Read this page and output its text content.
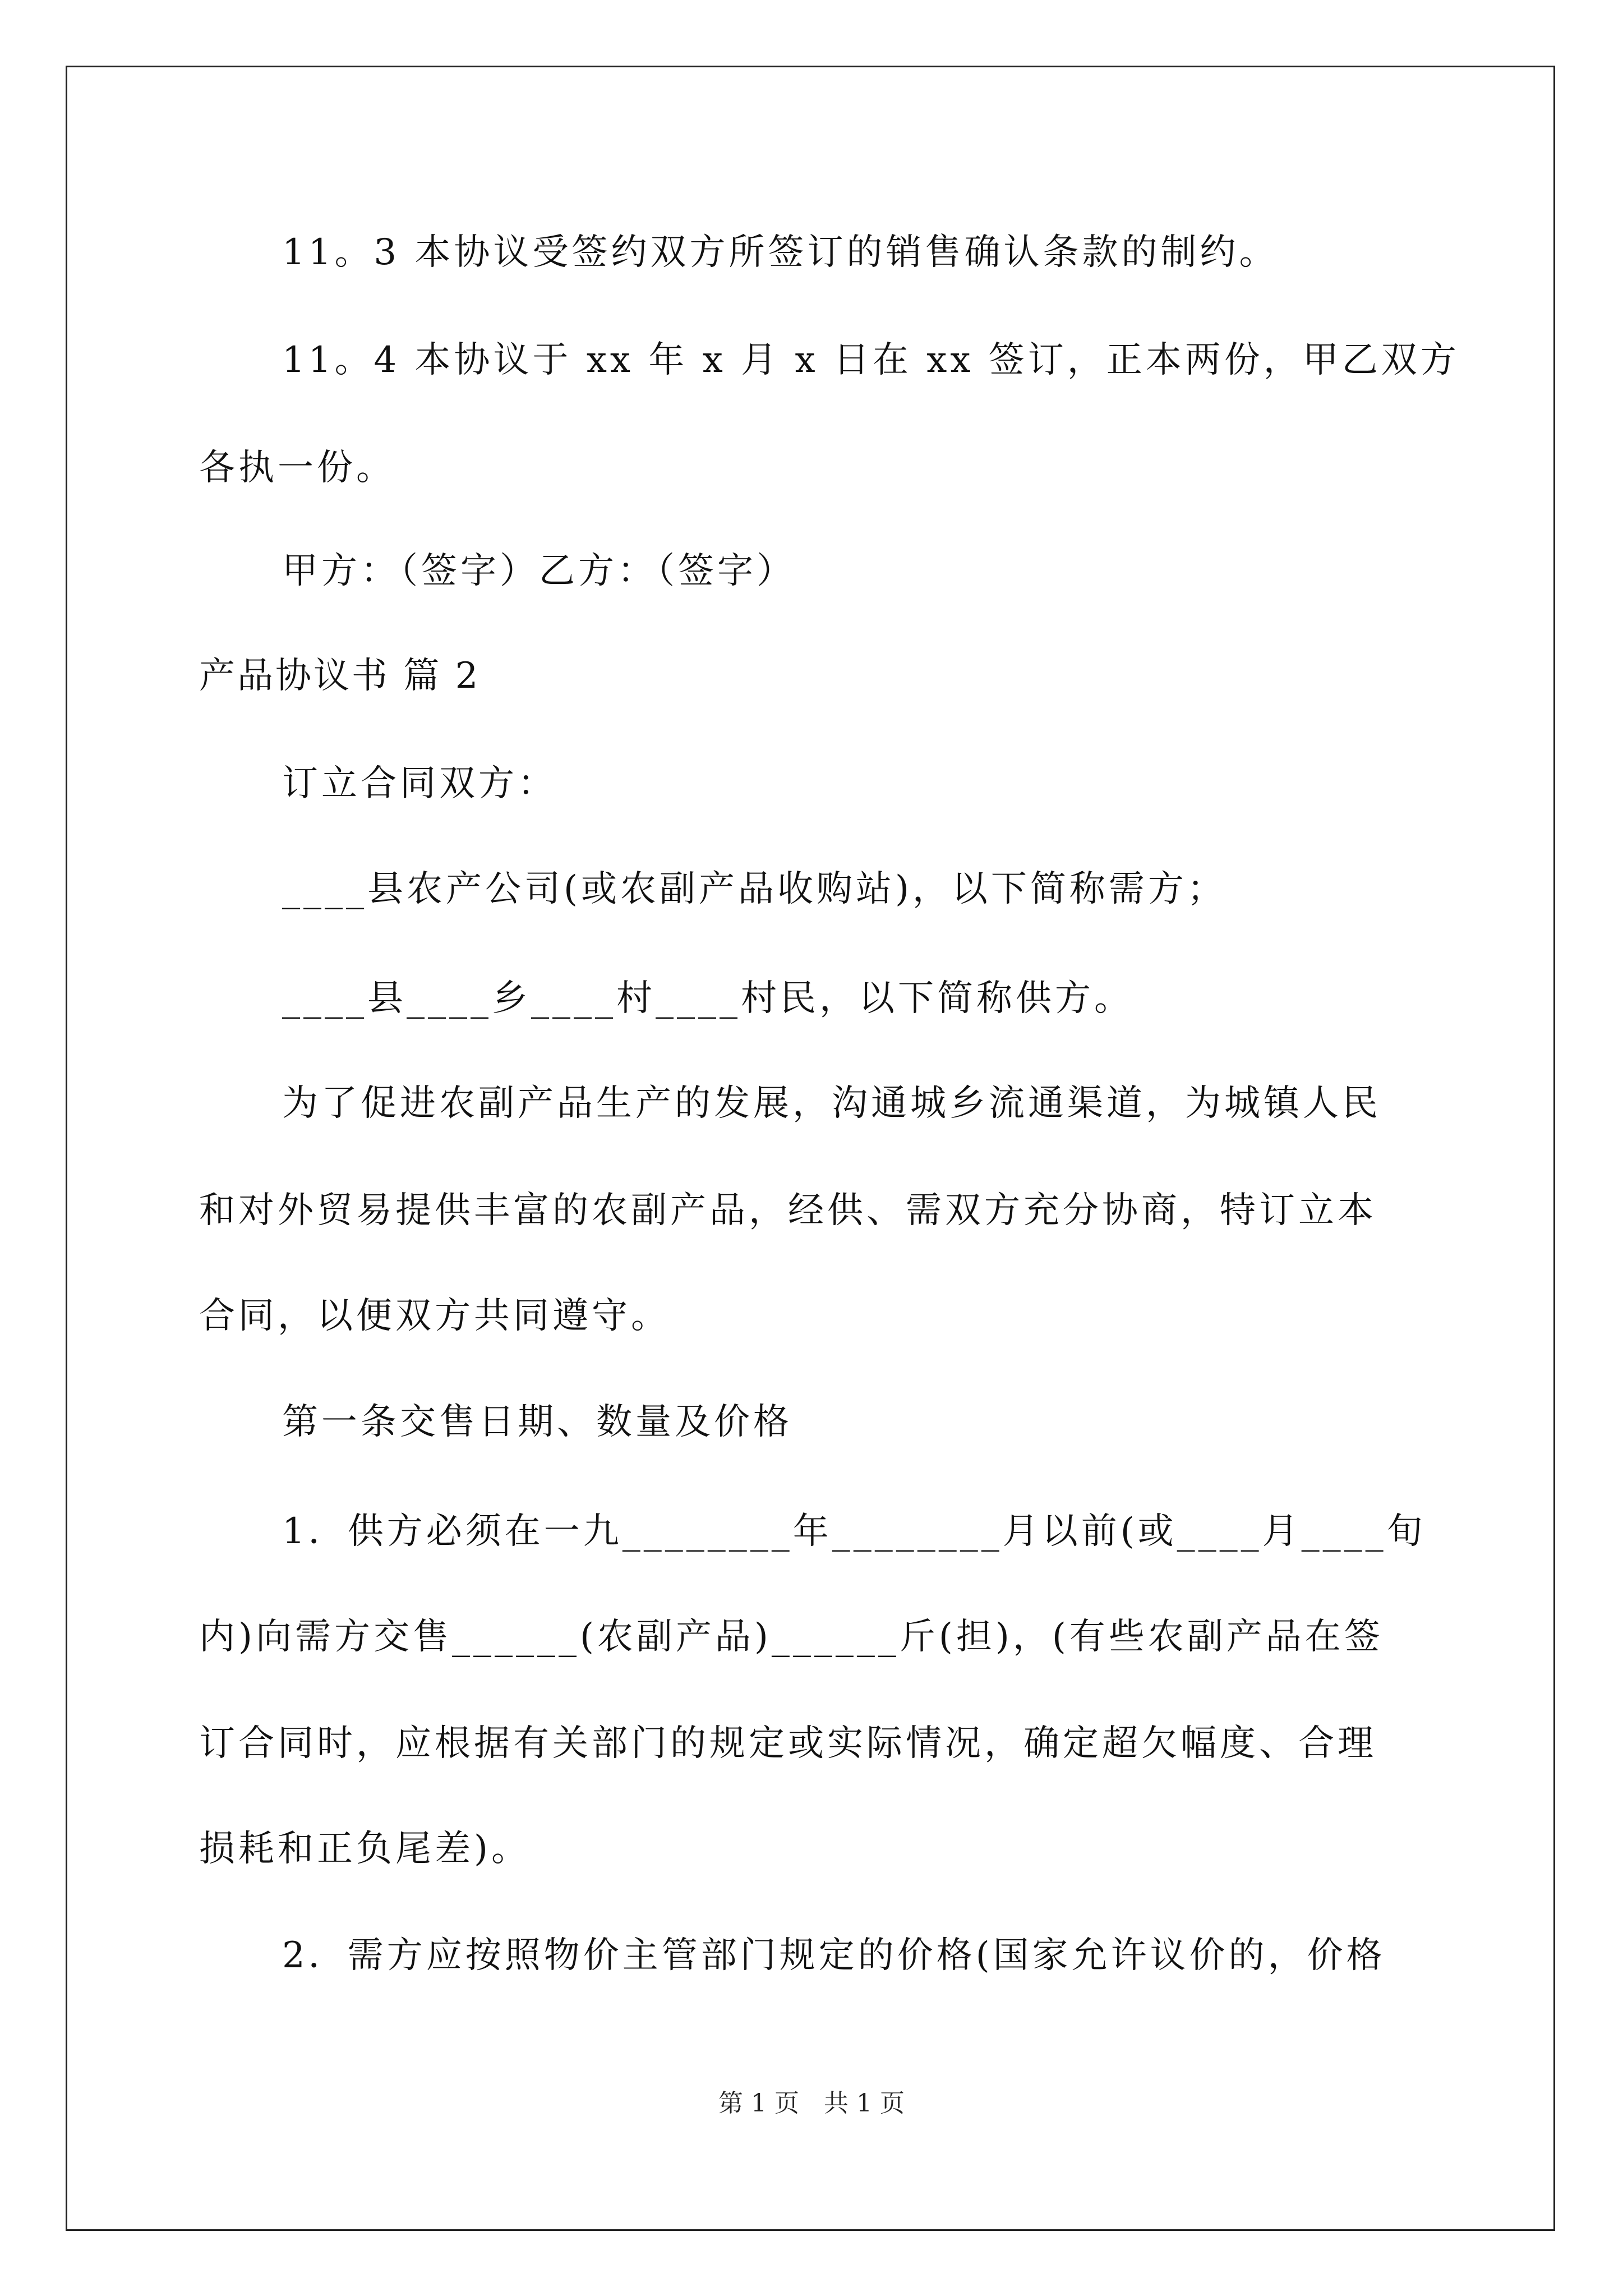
11。3 本协议受签约双方所签订的销售确认条款的制约。
11。4 本协议于 xx 年 x 月 x 日在 xx 签订，正本两份，甲乙双方
各执一份。
甲方：（签字）乙方：（签字）
产品协议书 篇 2
订立合同双方：
____县农产公司(或农副产品收购站)，以下简称需方；
____县____乡____村____村民，以下简称供方。
为了促进农副产品生产的发展，沟通城乡流通渠道，为城镇人民
和对外贸易提供丰富的农副产品，经供、需双方充分协商，特订立本
合同，以便双方共同遵守。
第一条交售日期、数量及价格
1．供方必须在一九________年________月以前(或____月____旬
内)向需方交售______(农副产品)______斤(担)，(有些农副产品在签
订合同时，应根据有关部门的规定或实际情况，确定超欠幅度、合理
损耗和正负尾差)。
2．需方应按照物价主管部门规定的价格(国家允许议价的，价格
第 1 页　共 1 页
